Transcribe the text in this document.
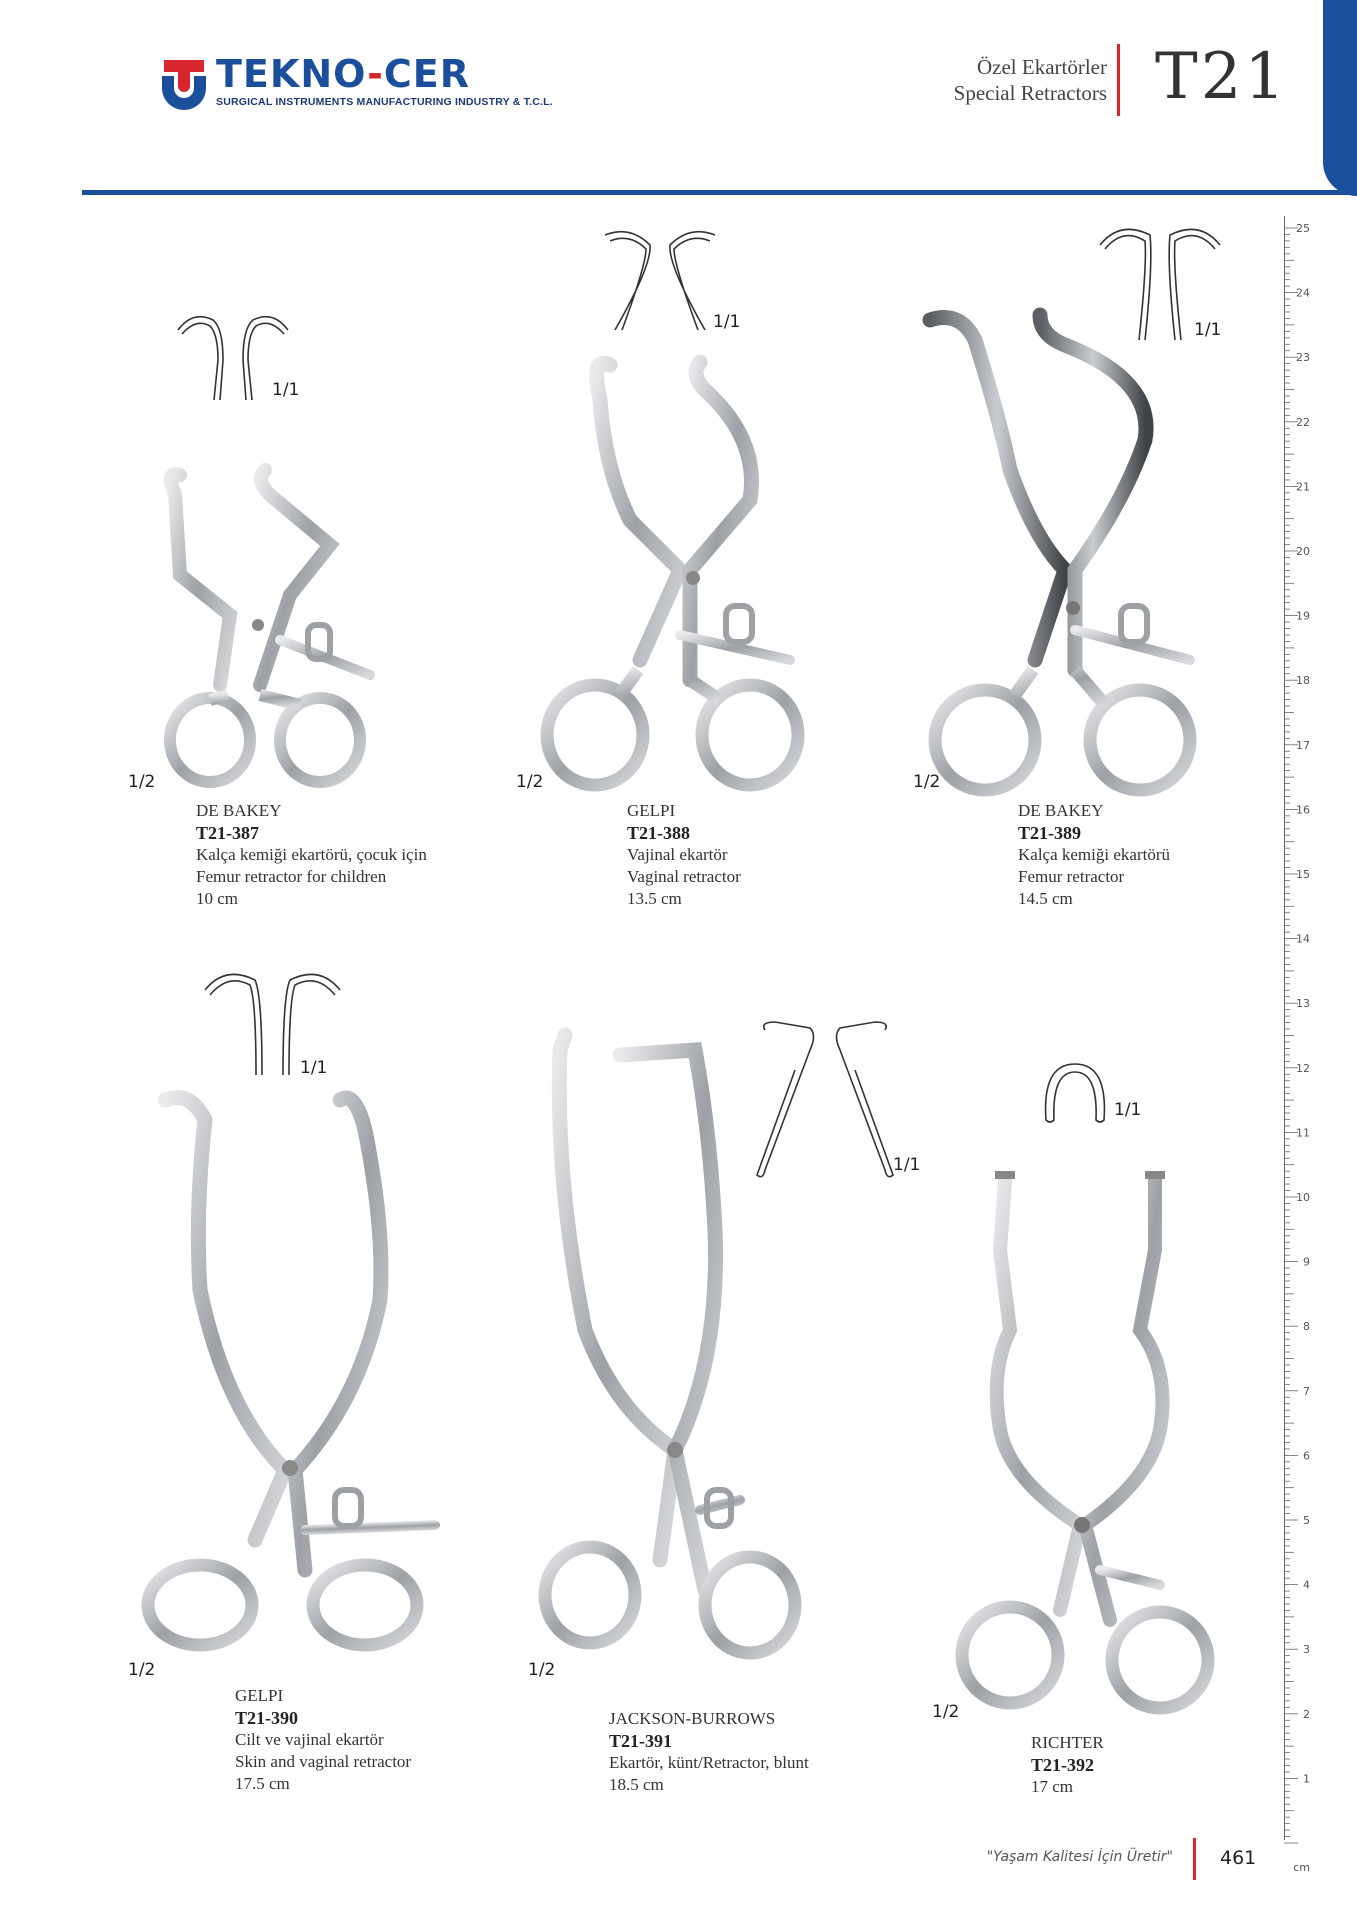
TEKNO-CER
SURGICAL INSTRUMENTS MANUFACTURING INDUSTRY & T.C.L.
Özel Ekartörler
Special Retractors T21
1/1
1/2
DE BAKEY
T21-387
Kalça kemiği ekartörü, çocuk için
Femur retractor for children
10 cm
1/1
1/2
GELPI
T21-388
Vajinal ekartör
Vaginal retractor
13.5 cm
1/1
1/2
DE BAKEY
T21-389
Kalça kemiği ekartörü
Femur retractor
14.5 cm
1/1
1/2
GELPI
T21-390
Cilt ve vajinal ekartör
Skin and vaginal retractor
17.5 cm
1/1
1/2
JACKSON-BURROWS
T21-391
Ekartör, künt/Retractor, blunt
18.5 cm
1/1
1/2
RICHTER
T21-392
17 cm
25
24
23
22
21
20
19
18
17
16
15
14
13
12
11
10
9
8
7
6
5
4
3
2
1
cm
"Yaşam Kalitesi İçin Üretir" 461
